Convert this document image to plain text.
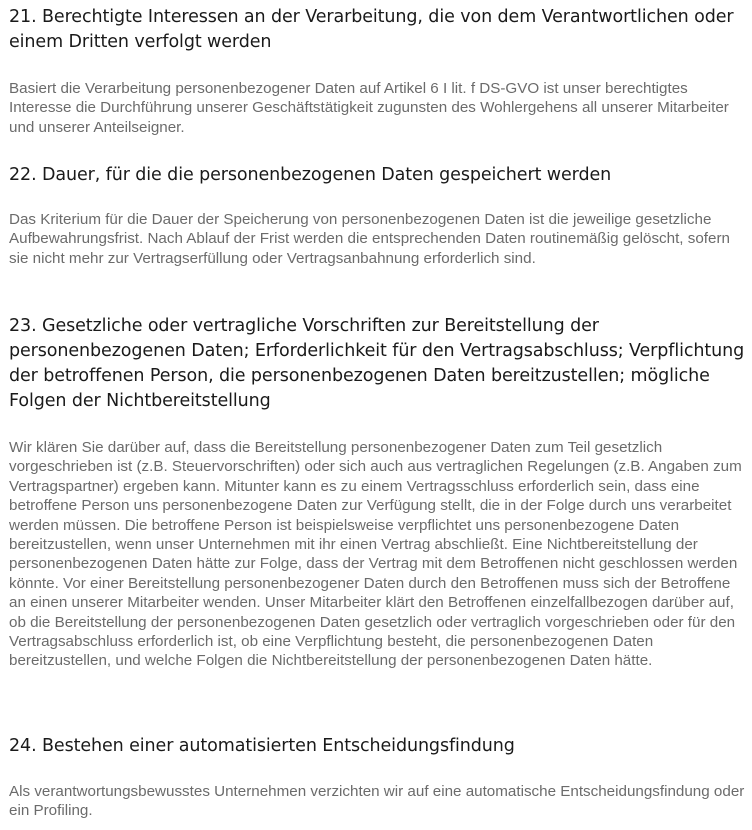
21. Berechtigte Interessen an der Verarbeitung, die von dem Verantwortlichen oder einem Dritten verfolgt werden

Basiert die Verarbeitung personenbezogener Daten auf Artikel 6 I lit. f DS-GVO ist unser berechtigtes Interesse die Durchführung unserer Geschäftstätigkeit zugunsten des Wohlergehens all unserer Mitarbeiter und unserer Anteilseigner.

22. Dauer, für die die personenbezogenen Daten gespeichert werden

Das Kriterium für die Dauer der Speicherung von personenbezogenen Daten ist die jeweilige gesetzliche Aufbewahrungsfrist. Nach Ablauf der Frist werden die entsprechenden Daten routinemäßig gelöscht, sofern sie nicht mehr zur Vertragserfüllung oder Vertragsanbahnung erforderlich sind.

23. Gesetzliche oder vertragliche Vorschriften zur Bereitstellung der personenbezogenen Daten; Erforderlichkeit für den Vertragsabschluss; Verpflichtung der betroffenen Person, die personenbezogenen Daten bereitzustellen; mögliche Folgen der Nichtbereitstellung

Wir klären Sie darüber auf, dass die Bereitstellung personenbezogener Daten zum Teil gesetzlich vorgeschrieben ist (z.B. Steuervorschriften) oder sich auch aus vertraglichen Regelungen (z.B. Angaben zum Vertragspartner) ergeben kann. Mitunter kann es zu einem Vertragsschluss erforderlich sein, dass eine betroffene Person uns personenbezogene Daten zur Verfügung stellt, die in der Folge durch uns verarbeitet werden müssen. Die betroffene Person ist beispielsweise verpflichtet uns personenbezogene Daten bereitzustellen, wenn unser Unternehmen mit ihr einen Vertrag abschließt. Eine Nichtbereitstellung der personenbezogenen Daten hätte zur Folge, dass der Vertrag mit dem Betroffenen nicht geschlossen werden könnte. Vor einer Bereitstellung personenbezogener Daten durch den Betroffenen muss sich der Betroffene an einen unserer Mitarbeiter wenden. Unser Mitarbeiter klärt den Betroffenen einzelfallbezogen darüber auf, ob die Bereitstellung der personenbezogenen Daten gesetzlich oder vertraglich vorgeschrieben oder für den Vertragsabschluss erforderlich ist, ob eine Verpflichtung besteht, die personenbezogenen Daten bereitzustellen, und welche Folgen die Nichtbereitstellung der personenbezogenen Daten hätte.

24. Bestehen einer automatisierten Entscheidungsfindung

Als verantwortungsbewusstes Unternehmen verzichten wir auf eine automatische Entscheidungsfindung oder ein Profiling.
